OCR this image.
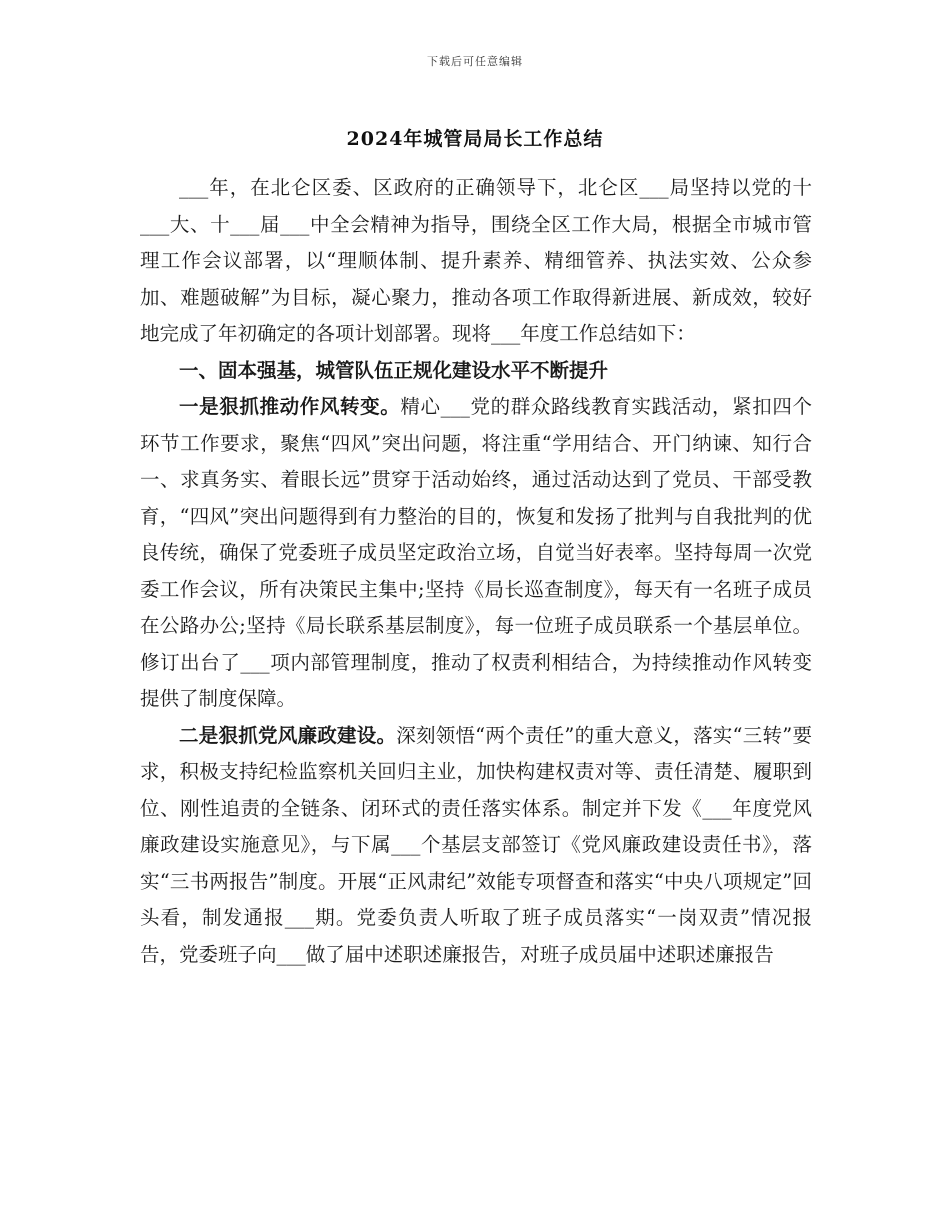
下载后可任意编辑
2024年城管局局长工作总结

___年，在北仑区委、区政府的正确领导下，北仑区___局坚持以党的十___大、十___届___中全会精神为指导，围绕全区工作大局，根据全市城市管理工作会议部署，以“理顺体制、提升素养、精细管养、执法实效、公众参加、难题破解”为目标，凝心聚力，推动各项工作取得新进展、新成效，较好地完成了年初确定的各项计划部署。现将___年度工作总结如下：

一、固本强基，城管队伍正规化建设水平不断提升

一是狠抓推动作风转变。精心___党的群众路线教育实践活动，紧扣四个环节工作要求，聚焦“四风”突出问题，将注重“学用结合、开门纳谏、知行合一、求真务实、着眼长远”贯穿于活动始终，通过活动达到了党员、干部受教育，“四风”突出问题得到有力整治的目的，恢复和发扬了批判与自我批判的优良传统，确保了党委班子成员坚定政治立场，自觉当好表率。坚持每周一次党委工作会议，所有决策民主集中;坚持《局长巡查制度》，每天有一名班子成员在公路办公;坚持《局长联系基层制度》，每一位班子成员联系一个基层单位。修订出台了___项内部管理制度，推动了权责利相结合，为持续推动作风转变提供了制度保障。

二是狠抓党风廉政建设。深刻领悟“两个责任”的重大意义，落实“三转”要求，积极支持纪检监察机关回归主业，加快构建权责对等、责任清楚、履职到位、刚性追责的全链条、闭环式的责任落实体系。制定并下发《___年度党风廉政建设实施意见》，与下属___个基层支部签订《党风廉政建设责任书》，落实“三书两报告”制度。开展“正风肃纪”效能专项督查和落实“中央八项规定”回头看，制发通报___期。党委负责人听取了班子成员落实“一岗双责”情况报告，党委班子向___做了届中述职述廉报告，对班子成员届中述职述廉报告
